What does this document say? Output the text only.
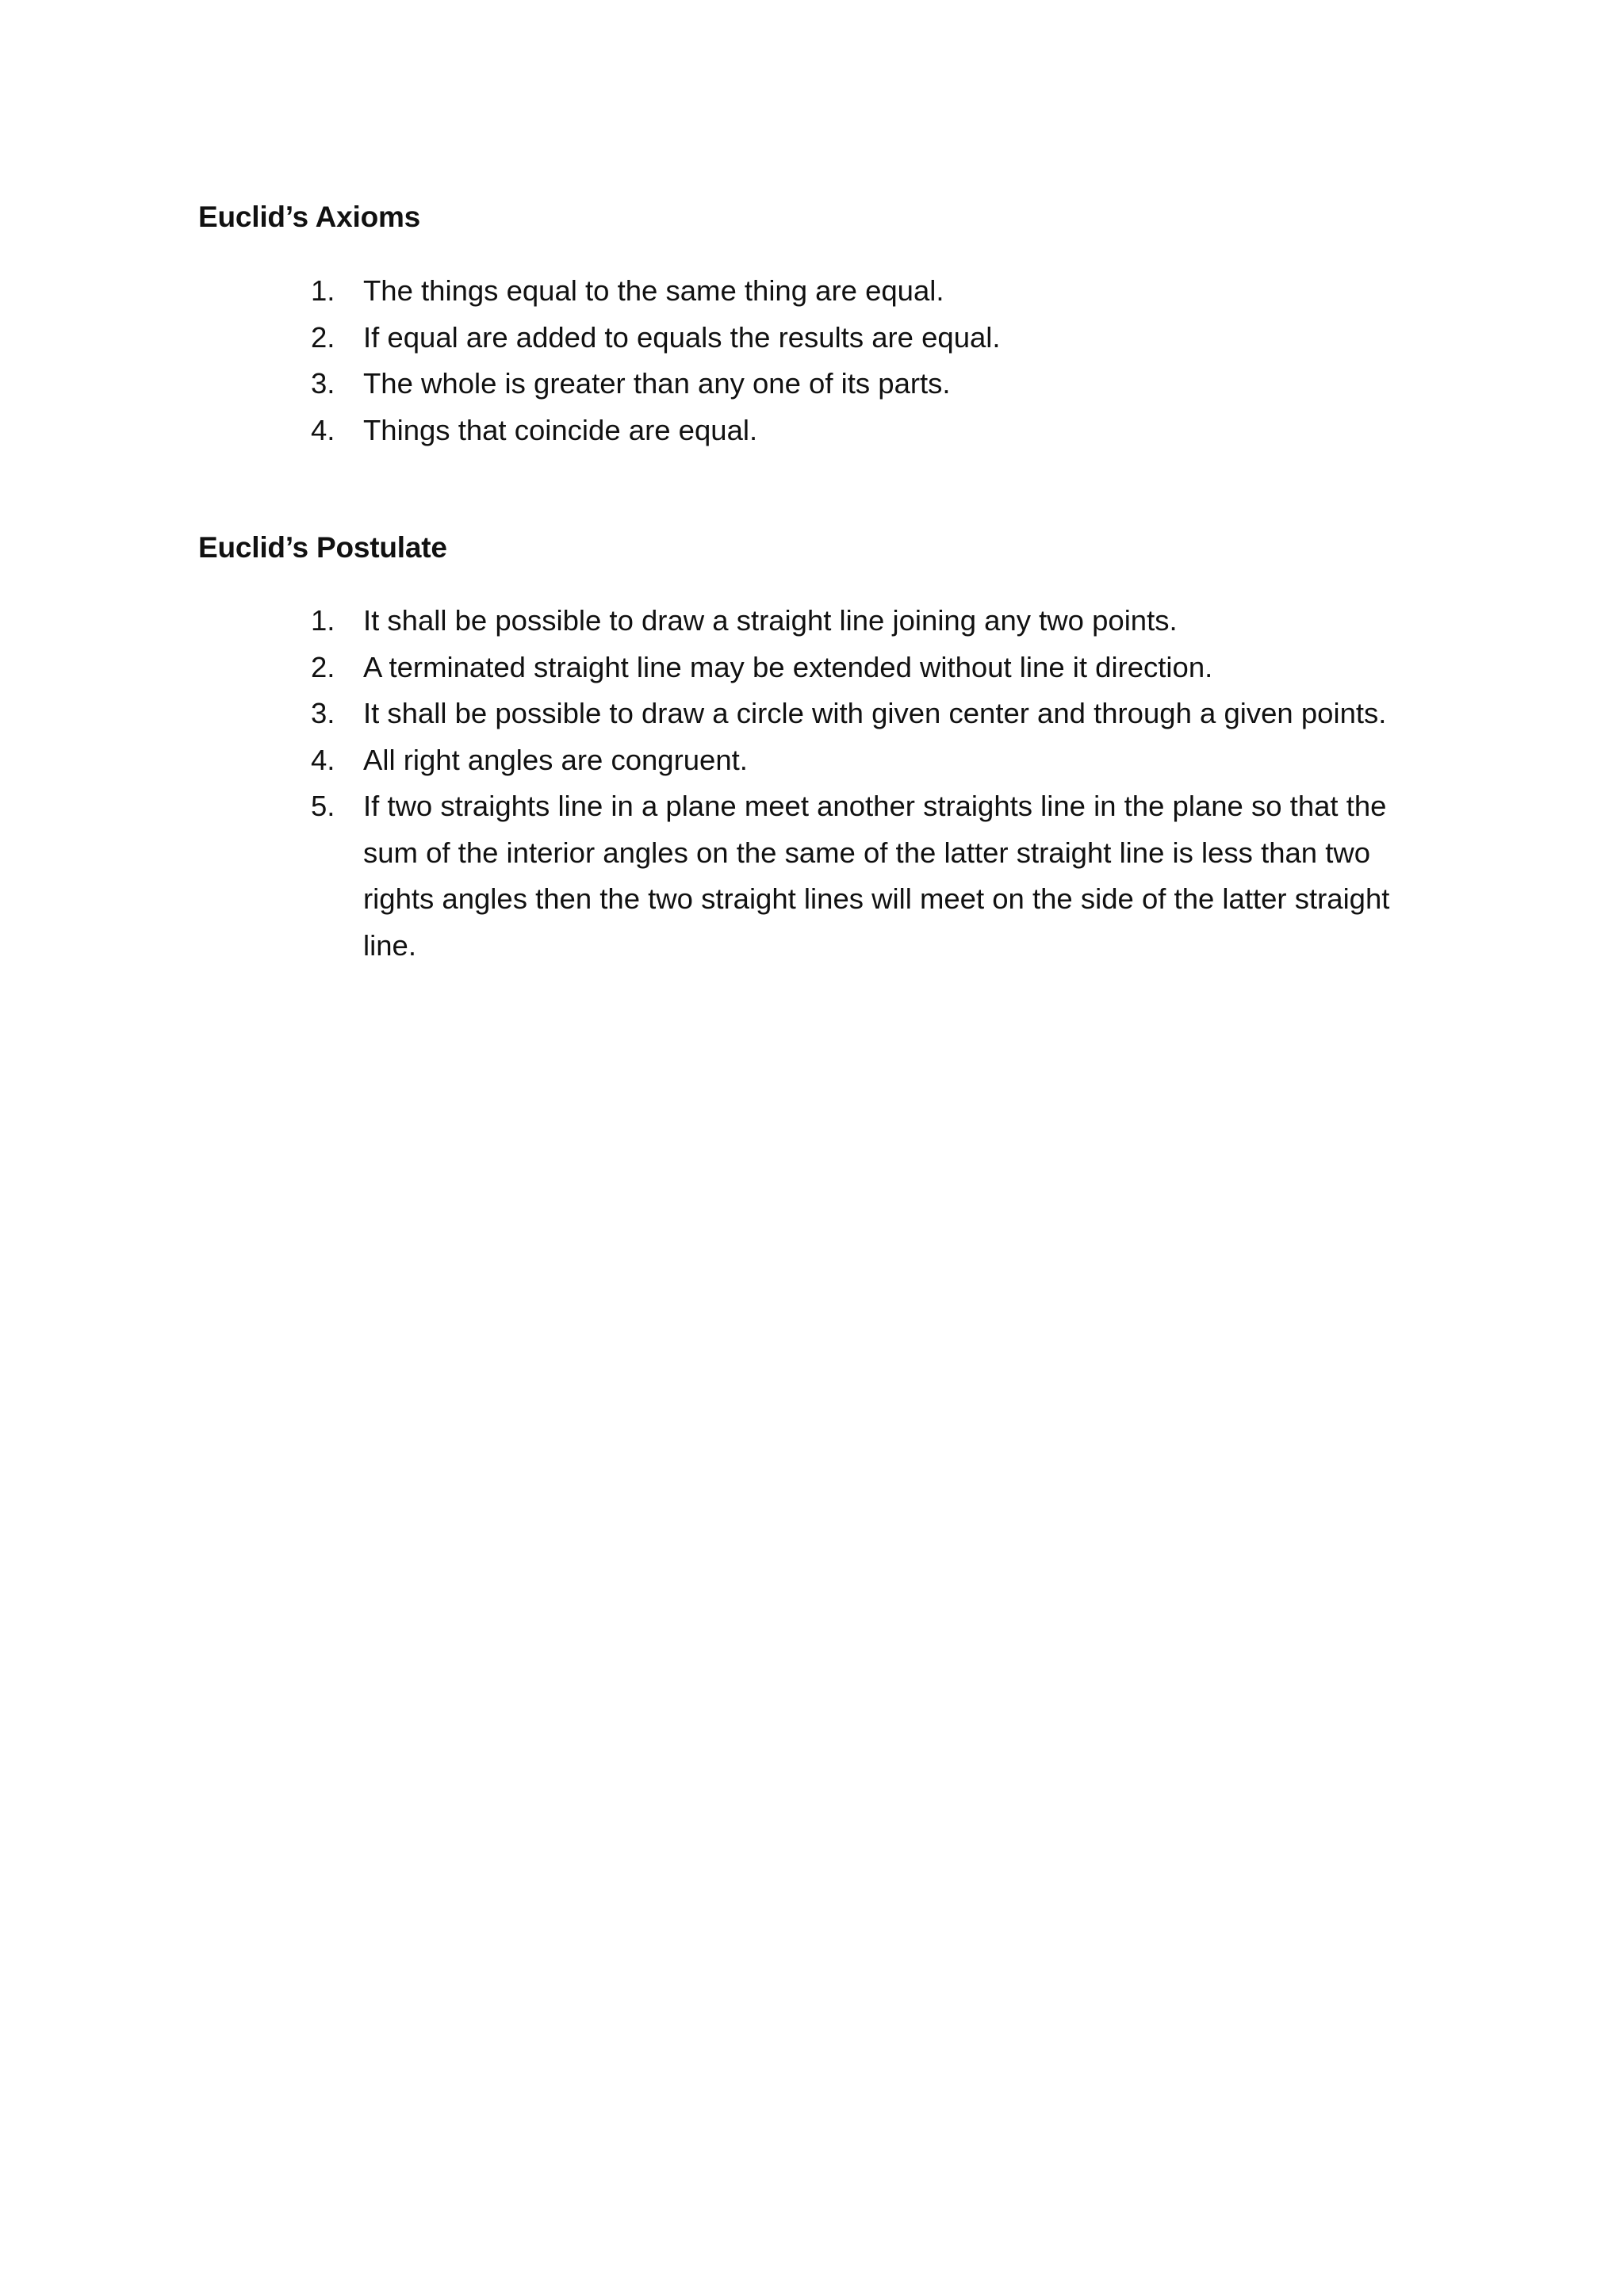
Euclid’s Axioms
1. The things equal to the same thing are equal.
2. If equal are added to equals the results are equal.
3. The whole is greater than any one of its parts.
4. Things that coincide are equal.
Euclid’s Postulate
1. It shall be possible to draw a straight line joining any two points.
2. A terminated straight line may be extended without line it direction.
3. It shall be possible to draw a circle with given center and through a given points.
4. All right angles are congruent.
5. If two straights line in a plane meet another straights line in the plane so that the sum of the interior angles on the same of the latter straight line is less than two rights angles then the two straight lines will meet on the side of the latter straight line.
